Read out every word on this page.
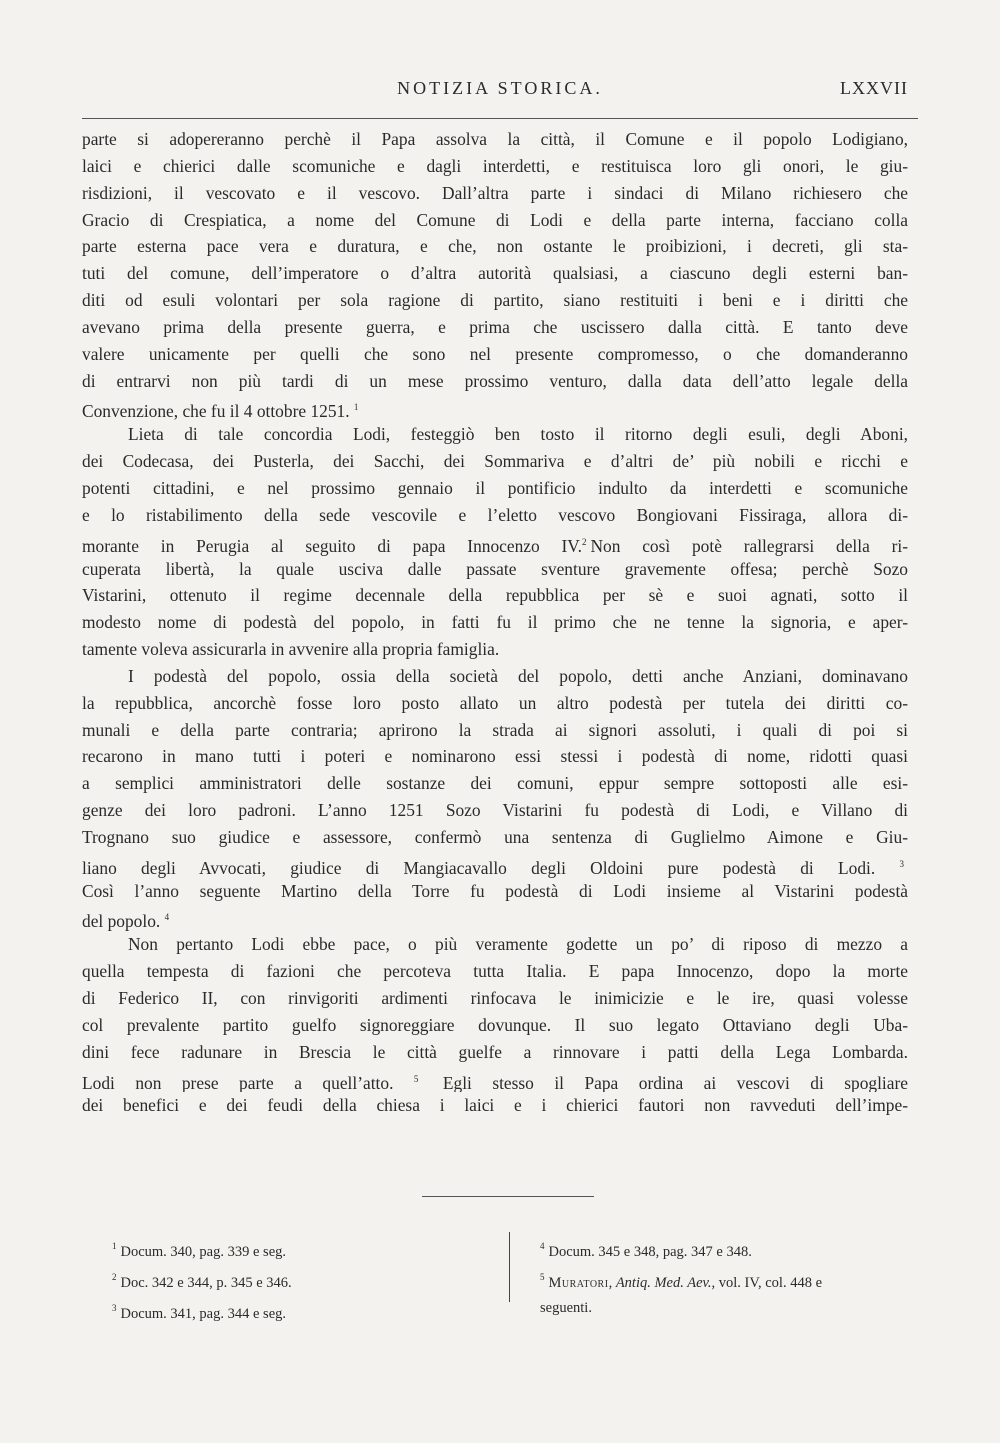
NOTIZIA STORICA.	LXXVII
parte si adopereranno perchè il Papa assolva la città, il Comune e il popolo Lodigiano,
laici e chierici dalle scomuniche e dagli interdetti, e restituisca loro gli onori, le giu-
risdizioni, il vescovato e il vescovo. Dall’altra parte i sindaci di Milano richiesero che
Gracio di Crespiatica, a nome del Comune di Lodi e della parte interna, facciano colla
parte esterna pace vera e duratura, e che, non ostante le proibizioni, i decreti, gli sta-
tuti del comune, dell’imperatore o d’altra autorità qualsiasi, a ciascuno degli esterni ban-
diti od esuli volontari per sola ragione di partito, siano restituiti i beni e i diritti che
avevano prima della presente guerra, e prima che uscissero dalla città. E tanto deve
valere unicamente per quelli che sono nel presente compromesso, o che domanderanno
di entrarvi non più tardi di un mese prossimo venturo, dalla data dell’atto legale della
Convenzione, che fu il 4 ottobre 1251. $^1$
Lieta di tale concordia Lodi, festeggiò ben tosto il ritorno degli esuli, degli Aboni,
dei Codecasa, dei Pusterla, dei Sacchi, dei Sommariva e d’altri de’ più nobili e ricchi e
potenti cittadini, e nel prossimo gennaio il pontificio indulto da interdetti e scomuniche
e lo ristabilimento della sede vescovile e l’eletto vescovo Bongiovani Fissiraga, allora di-
morante in Perugia al seguito di papa Innocenzo IV.$^2$ Non così potè rallegrarsi della ri-
cuperata libertà, la quale usciva dalle passate sventure gravemente offesa; perchè Sozo
Vistarini, ottenuto il regime decennale della repubblica per sè e suoi agnati, sotto il
modesto nome di podestà del popolo, in fatti fu il primo che ne tenne la signoria, e aper-
tamente voleva assicurarla in avvenire alla propria famiglia.
I podestà del popolo, ossia della società del popolo, detti anche Anziani, dominavano
la repubblica, ancorchè fosse loro posto allato un altro podestà per tutela dei diritti co-
munali e della parte contraria; aprirono la strada ai signori assoluti, i quali di poi si
recarono in mano tutti i poteri e nominarono essi stessi i podestà di nome, ridotti quasi
a semplici amministratori delle sostanze dei comuni, eppur sempre sottoposti alle esi-
genze dei loro padroni. L’anno 1251 Sozo Vistarini fu podestà di Lodi, e Villano di
Trognano suo giudice e assessore, confermò una sentenza di Guglielmo Aimone e Giu-
liano degli Avvocati, giudice di Mangiacavallo degli Oldoini pure podestà di Lodi.	$^3$
Così l’anno seguente Martino della Torre fu podestà di Lodi insieme al Vistarini podestà
del popolo. $^4$
Non pertanto Lodi ebbe pace, o più veramente godette un po’ di riposo di mezzo a
quella tempesta di fazioni che percoteva tutta Italia. E papa Innocenzo, dopo la morte
di Federico II, con rinvigoriti ardimenti rinfocava le inimicizie e le ire, quasi volesse
col prevalente partito guelfo signoreggiare dovunque. Il suo legato Ottaviano degli Uba-
dini fece radunare in Brescia le città guelfe a rinnovare i patti della Lega Lombarda.
Lodi non prese parte a quell’atto. $^5$ Egli stesso il Papa ordina ai vescovi di spogliare
dei benefici e dei feudi della chiesa i laici e i chierici fautori non ravveduti dell’impe-
$^1$ Docum. 340, pag. 339 e seg.
$^2$ Doc. 342 e 344, p. 345 e 346.
$^3$ Docum. 341, pag. 344 e seg.
$^4$ Docum. 345 e 348, pag. 347 e 348.
$^5$ Muratori, Antiq. Med. Aev., vol. IV, col. 448 e
seguenti.
